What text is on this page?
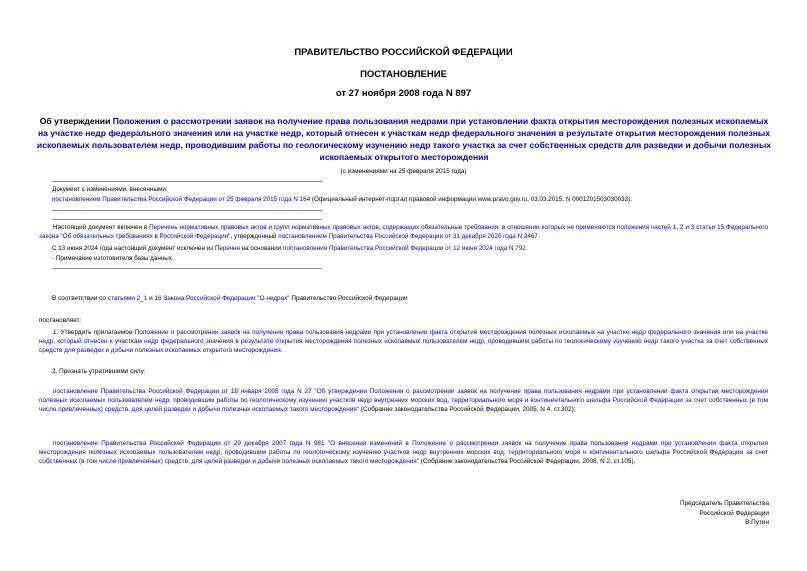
ПРАВИТЕЛЬСТВО РОССИЙСКОЙ ФЕДЕРАЦИИ
ПОСТАНОВЛЕНИЕ
от 27 ноября 2008 года N 897
Об утверждении Положения о рассмотрении заявок на получение права пользования недрами при установлении факта открытия месторождения полезных ископаемых на участке недр федерального значения или на участке недр, который отнесен к участкам недр федерального значения в результате открытия месторождения полезных ископаемых пользователем недр, проводившим работы по геологическому изучению недр такого участка за счет собственных средств для разведки и добычи полезных ископаемых открытого месторождения
(с изменениями на 25 февраля 2015 года)
Документ с изменениями, внесенными:
постановлением Правительства Российской Федерации от 25 февраля 2015 года N 164 (Официальный интернет-портал правовой информации www.pravo.gov.ru, 03.03.2015, N 0001201503030033).
Настоящий документ включен в Перечень нормативных правовых актов и групп нормативных правовых актов, содержащих обязательные требования, в отношении которых не применяются положения частей 1, 2 и 3 статьи 15 Федерального закона "Об обязательных требованиях в Российской Федерации", утвержденный постановлением Правительства Российской Федерации от 31 декабря 2020 года N 2467.
С 13 июня 2024 года настоящий документ исключен из Перечня на основании постановления Правительства Российской Федерации от 12 июня 2024 года N 792.
- Примечание изготовителя базы данных.
В соответствии со статьями 2_1 и 16 Закона Российской Федерации "О недрах" Правительство Российской Федерации
постановляет:
1. Утвердить прилагаемое Положение о рассмотрении заявок на получение права пользования недрами при установлении факта открытия месторождения полезных ископаемых на участке недр федерального значения или на участке недр, который отнесен к участкам недр федерального значения в результате открытия месторождения полезных ископаемых пользователем недр, проводившим работы по геологическому изучению недр такого участка за счет собственных средств для разведки и добычи полезных ископаемых открытого месторождения.
2. Признать утратившими силу:
постановление Правительства Российской Федерации от 18 января 2005 года N 27 "Об утверждении Положения о рассмотрении заявок на получение права пользования недрами при установлении факта открытия месторождения полезных ископаемых пользователем недр, проводившим работы по геологическому изучению участков недр внутренних морских вод, территориального моря и континентального шельфа Российской Федерации за счет собственных (в том числе привлеченных) средств, для целей разведки и добычи полезных ископаемых такого месторождения" (Собрание законодательства Российской Федерации, 2005, N 4, ст.302);
постановление Правительства Российской Федерации от 29 декабря 2007 года N 981 "О внесении изменений в Положение о рассмотрении заявок на получение права пользования недрами при установлении факта открытия месторождения полезных ископаемых пользователем недр, проводившим работы по геологическому изучению участков недр внутренних морских вод, территориального моря и континентального шельфа Российской Федерации за счет собственных (в том числе привлеченных) средств, для целей разведки и добычи полезных ископаемых такого месторождения" (Собрание законодательства Российской Федерации, 2008, N 2, ст.105).
Председатель Правительства
Российской Федерации
В.Путин
